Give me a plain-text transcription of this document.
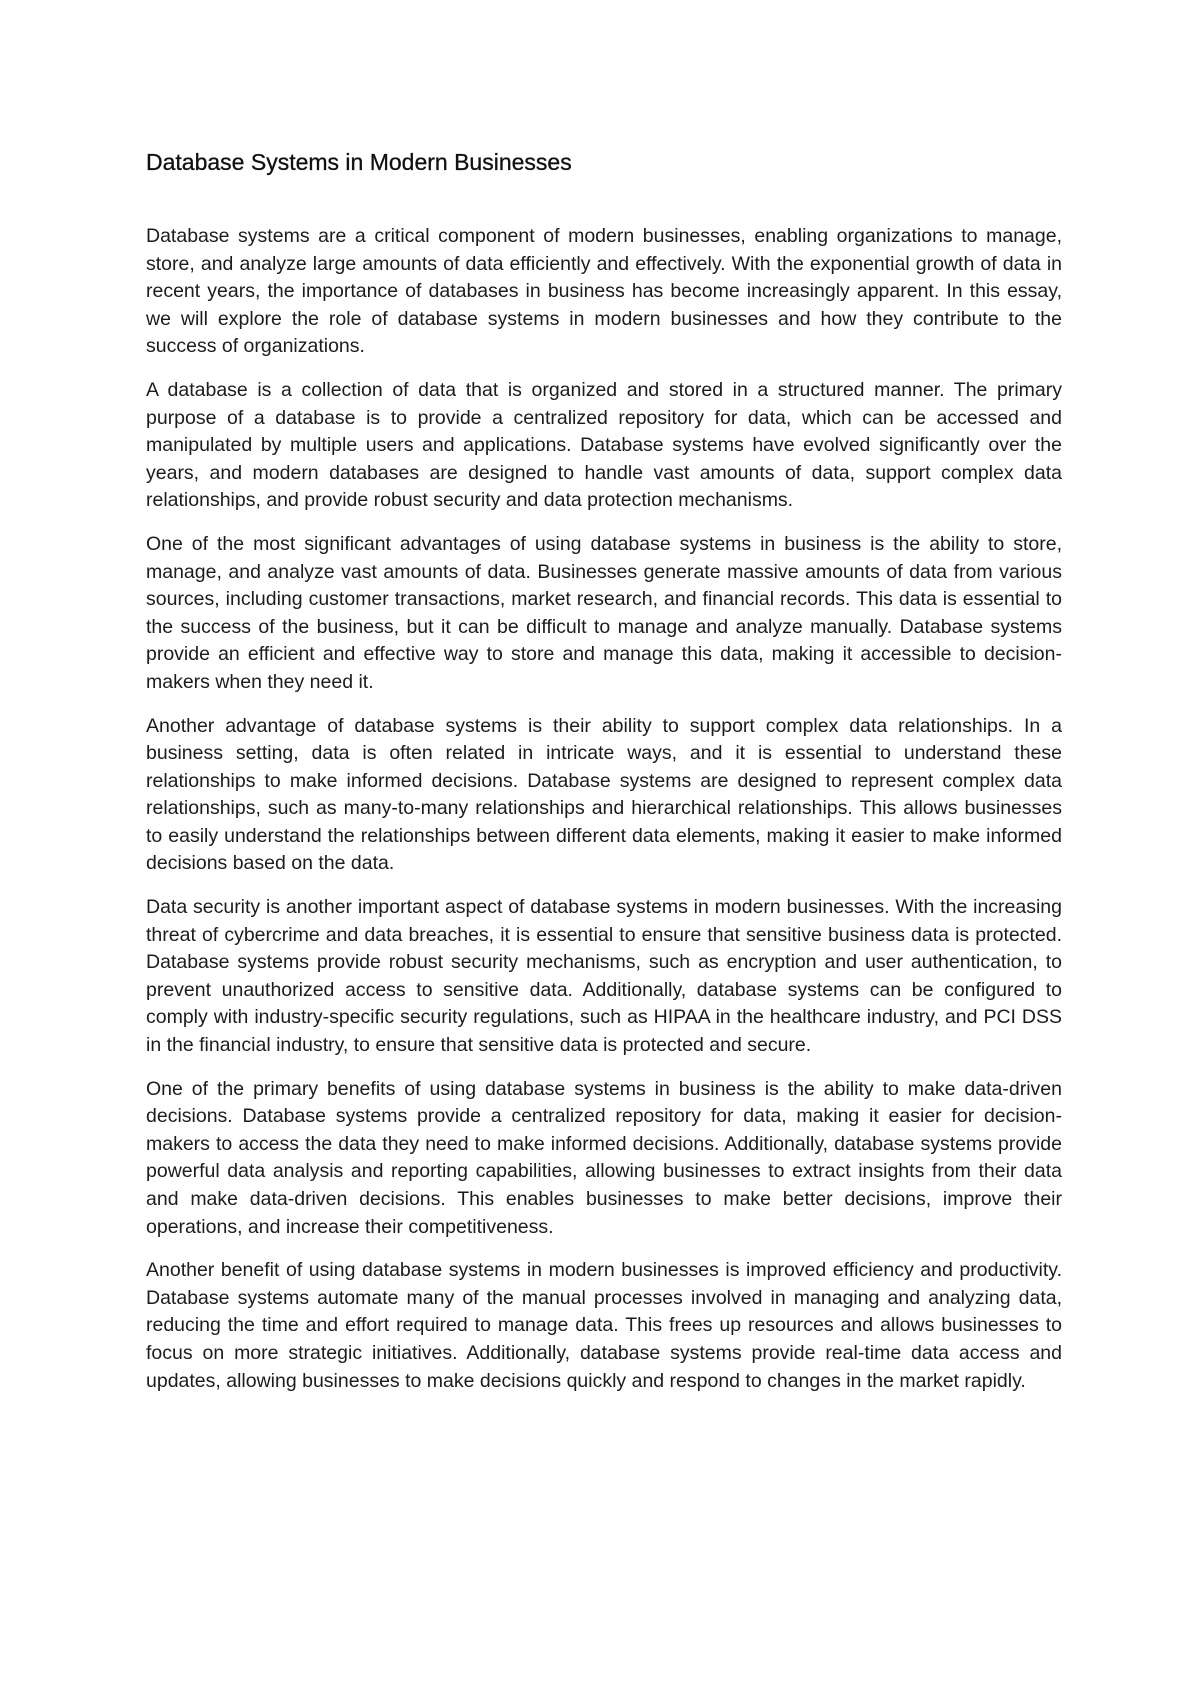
Database Systems in Modern Businesses

Database systems are a critical component of modern businesses, enabling organizations to manage, store, and analyze large amounts of data efficiently and effectively. With the exponential growth of data in recent years, the importance of databases in business has become increasingly apparent. In this essay, we will explore the role of database systems in modern businesses and how they contribute to the success of organizations.

A database is a collection of data that is organized and stored in a structured manner. The primary purpose of a database is to provide a centralized repository for data, which can be accessed and manipulated by multiple users and applications. Database systems have evolved significantly over the years, and modern databases are designed to handle vast amounts of data, support complex data relationships, and provide robust security and data protection mechanisms.

One of the most significant advantages of using database systems in business is the ability to store, manage, and analyze vast amounts of data. Businesses generate massive amounts of data from various sources, including customer transactions, market research, and financial records. This data is essential to the success of the business, but it can be difficult to manage and analyze manually. Database systems provide an efficient and effective way to store and manage this data, making it accessible to decision-makers when they need it.

Another advantage of database systems is their ability to support complex data relationships. In a business setting, data is often related in intricate ways, and it is essential to understand these relationships to make informed decisions. Database systems are designed to represent complex data relationships, such as many-to-many relationships and hierarchical relationships. This allows businesses to easily understand the relationships between different data elements, making it easier to make informed decisions based on the data.

Data security is another important aspect of database systems in modern businesses. With the increasing threat of cybercrime and data breaches, it is essential to ensure that sensitive business data is protected. Database systems provide robust security mechanisms, such as encryption and user authentication, to prevent unauthorized access to sensitive data. Additionally, database systems can be configured to comply with industry-specific security regulations, such as HIPAA in the healthcare industry, and PCI DSS in the financial industry, to ensure that sensitive data is protected and secure.

One of the primary benefits of using database systems in business is the ability to make data-driven decisions. Database systems provide a centralized repository for data, making it easier for decision-makers to access the data they need to make informed decisions. Additionally, database systems provide powerful data analysis and reporting capabilities, allowing businesses to extract insights from their data and make data-driven decisions. This enables businesses to make better decisions, improve their operations, and increase their competitiveness.

Another benefit of using database systems in modern businesses is improved efficiency and productivity. Database systems automate many of the manual processes involved in managing and analyzing data, reducing the time and effort required to manage data. This frees up resources and allows businesses to focus on more strategic initiatives. Additionally, database systems provide real-time data access and updates, allowing businesses to make decisions quickly and respond to changes in the market rapidly.
